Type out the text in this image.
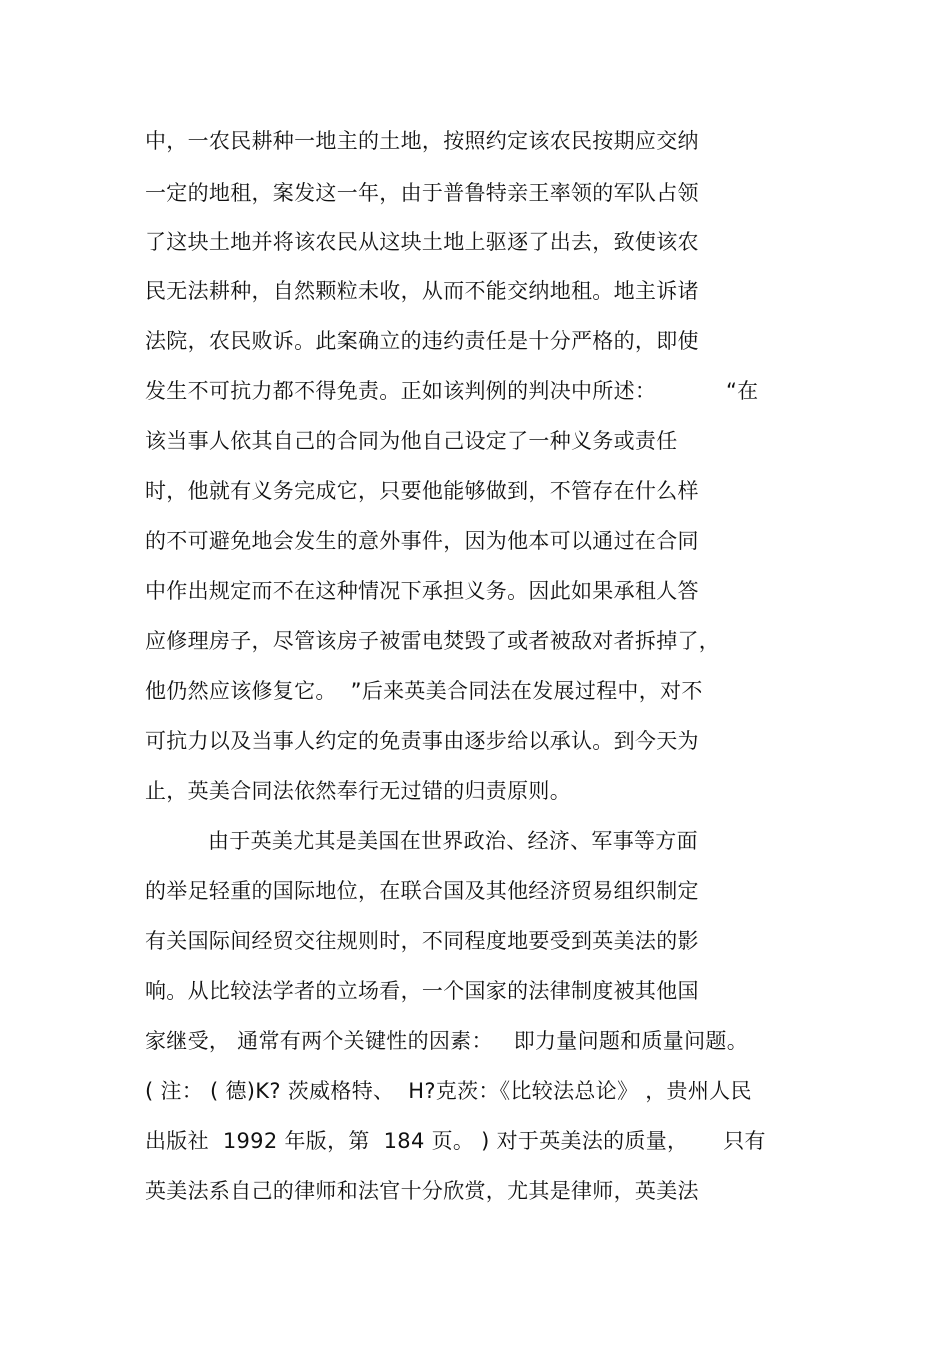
中，一农民耕种一地主的土地，按照约定该农民按期应交纳
一定的地租，案发这一年，由于普鲁特亲王率领的军队占领
了这块土地并将该农民从这块土地上驱逐了出去，致使该农
民无法耕种，自然颗粒未收，从而不能交纳地租。地主诉诸
法院，农民败诉。此案确立的违约责任是十分严格的，即使
发生不可抗力都不得免责。正如该判例的判决中所述：          “在
该当事人依其自己的合同为他自己设定了一种义务或责任
时，他就有义务完成它，只要他能够做到，不管存在什么样
的不可避免地会发生的意外事件，因为他本可以通过在合同
中作出规定而不在这种情况下承担义务。因此如果承租人答
应修理房子，尽管该房子被雷电焚毁了或者被敌对者拆掉了，
他仍然应该修复它。  ”后来英美合同法在发展过程中，对不
可抗力以及当事人约定的免责事由逐步给以承认。到今天为
止，英美合同法依然奉行无过错的归责原则。
由于英美尤其是美国在世界政治、经济、军事等方面
的举足轻重的国际地位，在联合国及其他经济贸易组织制定
有关国际间经贸交往规则时，不同程度地要受到英美法的影
响。从比较法学者的立场看，一个国家的法律制度被其他国
家继受， 通常有两个关键性的因素：   即力量问题和质量问题。
( 注： ( 德)K? 茨威格特、  H?克茨：《比较法总论》 ，贵州人民
出版社  1992 年版，第  184 页。 ) 对于英美法的质量，     只有
英美法系自己的律师和法官十分欣赏，尤其是律师，英美法
